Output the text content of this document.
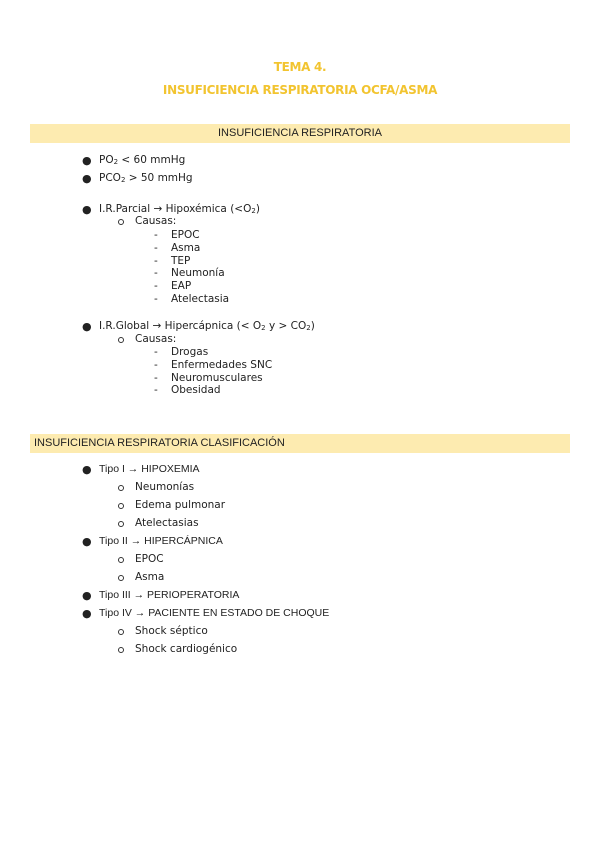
TEMA 4.
INSUFICIENCIA RESPIRATORIA OCFA/ASMA
INSUFICIENCIA RESPIRATORIA
● $PO_2 < 60$ mmHg
● $PCO_2 > 50$ mmHg
● I.R.Parcial → Hipoxémica $(<O_2)$
Causas:
- EPOC
- Asma
- TEP
- Neumonía
- EAP
- Atelectasia
● I.R.Global → Hipercápnica (< $O_2$ $y > CO_2$)
Causas:
- Drogas
- Enfermedades SNC
- Neuromusculares
- Obesidad
INSUFICIENCIA RESPIRATORIA CLASIFICACIÓN
● Tipo I → HIPOXEMIA
Neumonías
Edema pulmonar
Atelectasias
● Tipo II → HIPERCÁPNICA
EPOC
Asma
● Tipo III → PERIOPERATORIA
● Tipo IV → PACIENTE EN ESTADO DE CHOQUE
Shock séptico
Shock cardiogénico
